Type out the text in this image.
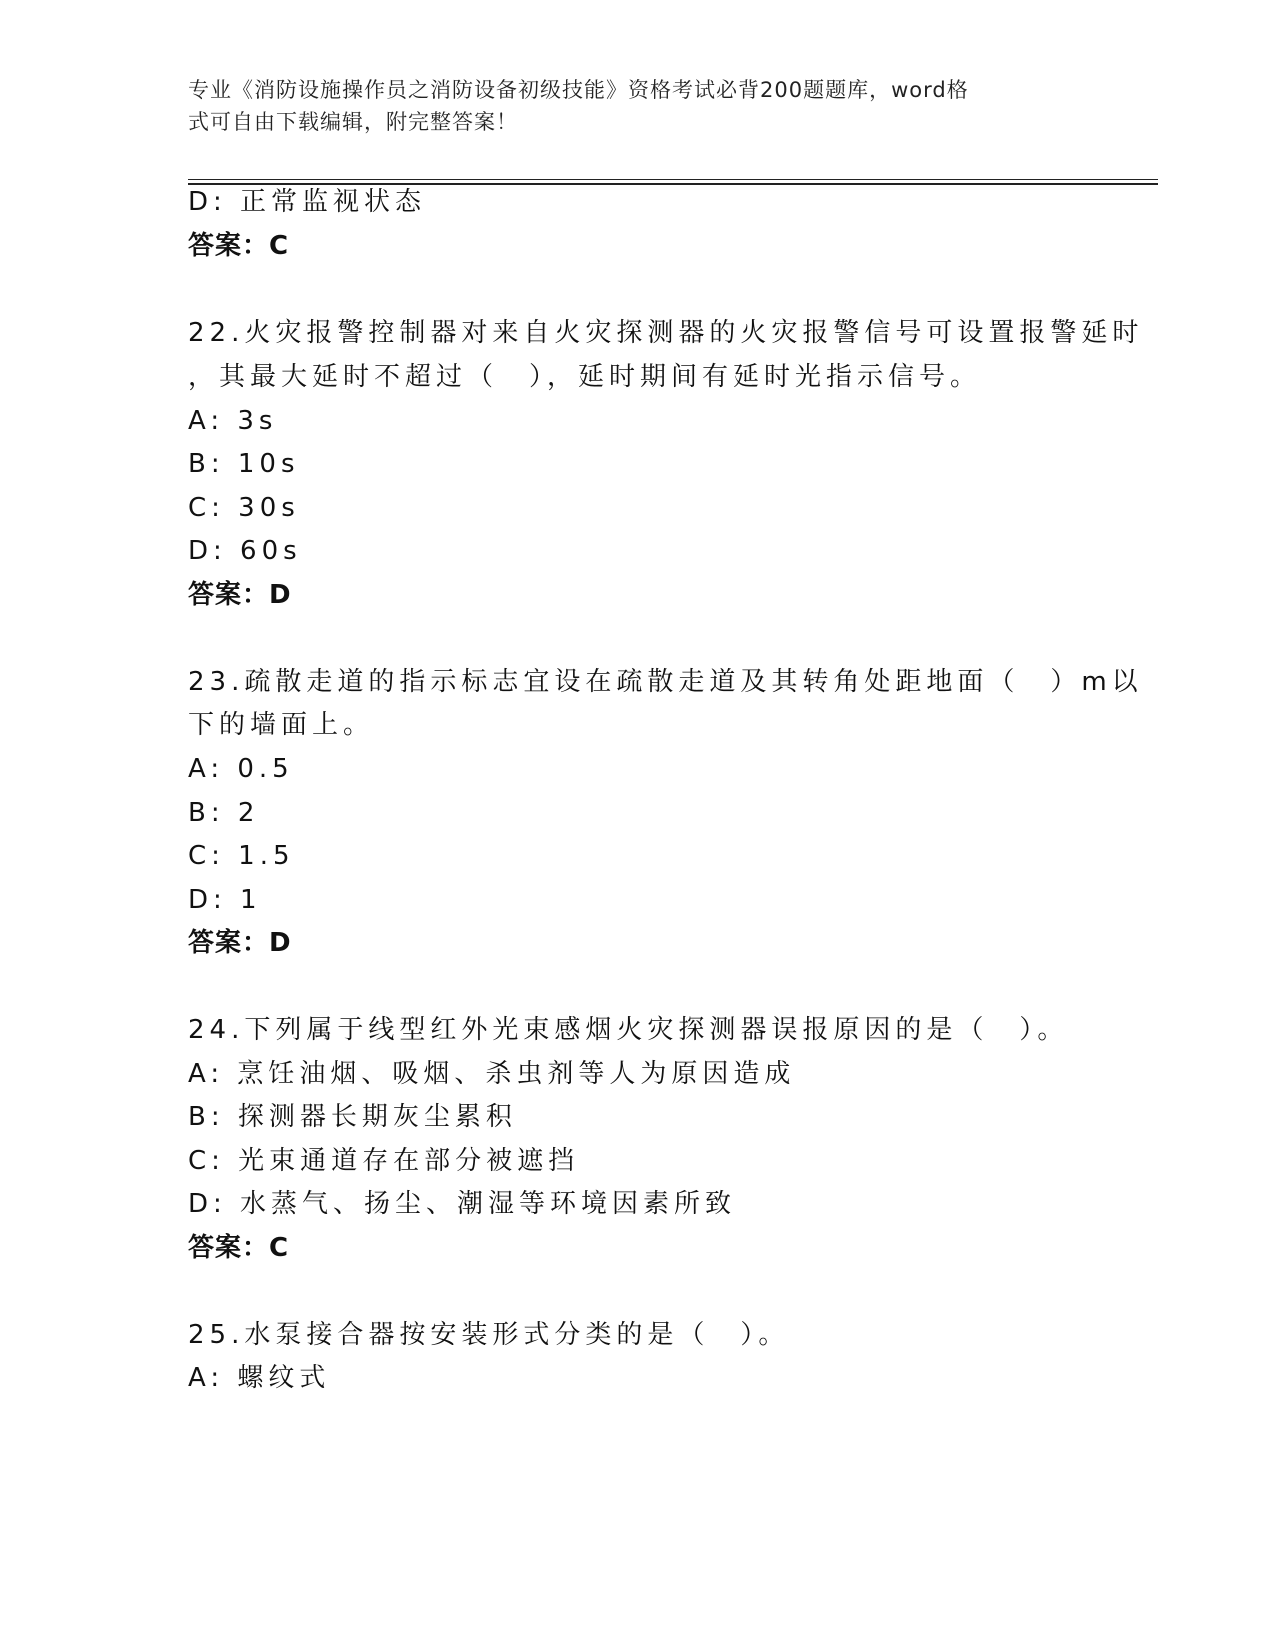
专业《消防设施操作员之消防设备初级技能》资格考试必背200题题库，word格
式可自由下载编辑，附完整答案！
D: 正常监视状态
答案：C
22.火灾报警控制器对来自火灾探测器的火灾报警信号可设置报警延时
，其最大延时不超过（　），延时期间有延时光指示信号。
A: 3s
B: 10s
C: 30s
D: 60s
答案：D
23.疏散走道的指示标志宜设在疏散走道及其转角处距地面（　）m以
下的墙面上。
A: 0.5
B: 2
C: 1.5
D: 1
答案：D
24.下列属于线型红外光束感烟火灾探测器误报原因的是（　）。
A: 烹饪油烟、吸烟、杀虫剂等人为原因造成
B: 探测器长期灰尘累积
C: 光束通道存在部分被遮挡
D: 水蒸气、扬尘、潮湿等环境因素所致
答案：C
25.水泵接合器按安装形式分类的是（　）。
A: 螺纹式
